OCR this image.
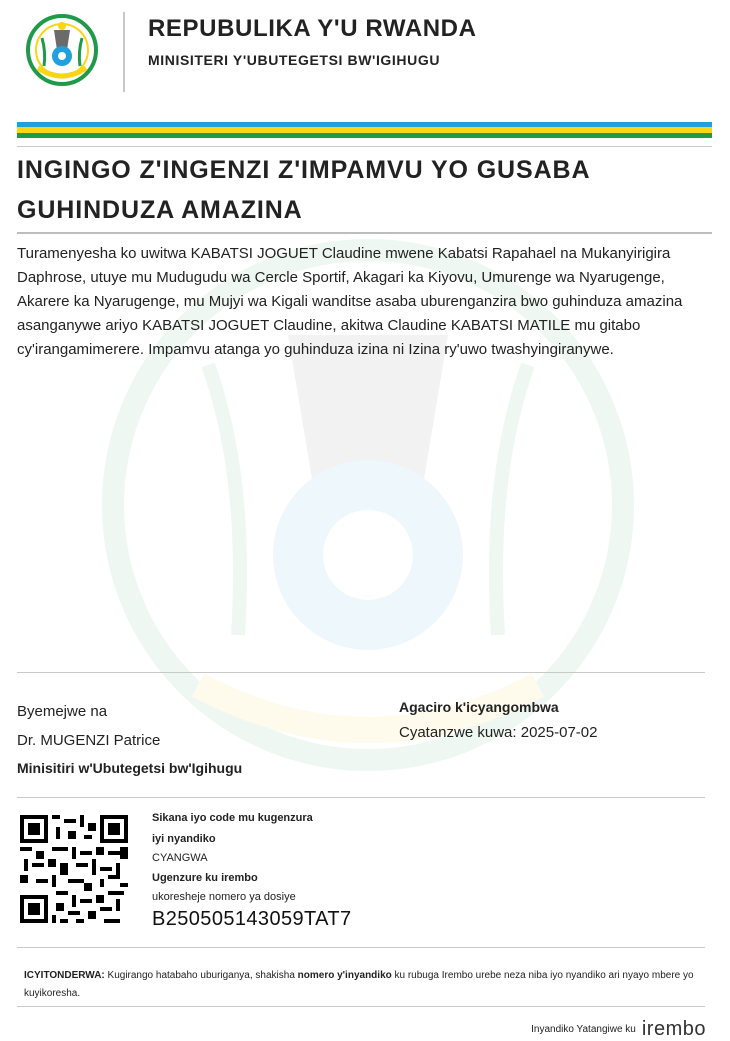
REPUBULIKA Y'U RWANDA
MINISITERI Y'UBUTEGETSI BW'IGIHUGU
INGINGO Z'INGENZI Z'IMPAMVU YO GUSABA
GUHINDUZA AMAZINA
Turamenyesha ko uwitwa KABATSI JOGUET Claudine mwene Kabatsi Rapahael na Mukanyirigira Daphrose, utuye mu Mudugudu wa Cercle Sportif, Akagari ka Kiyovu, Umurenge wa Nyarugenge, Akarere ka Nyarugenge, mu Mujyi wa Kigali wanditse asaba uburenganzira bwo guhinduza amazina asanganywe ariyo KABATSI JOGUET Claudine, akitwa Claudine KABATSI MATILE mu gitabo cy'irangamimerere. Impamvu atanga yo guhinduza izina ni Izina ry'uwo twashyingiranywe.
Byemejwe na
Dr. MUGENZI Patrice
Minisitiri w'Ubutegetsi bw'Igihugu
Agaciro k'icyangombwa
Cyatanzwe kuwa: 2025-07-02
Sikana iyo code mu kugenzura
iyi nyandiko
CYANGWA
Ugenzure ku irembo
ukoresheje nomero ya dosiye
B250505143059TAT7
ICYITONDERWA: Kugirango hatabaho uburiganya, shakisha nomero y'inyandiko ku rubuga Irembo urebe neza niba iyo nyandiko ari nyayo mbere yo kuyikoresha.
Inyandiko Yatangiwe ku irembo
